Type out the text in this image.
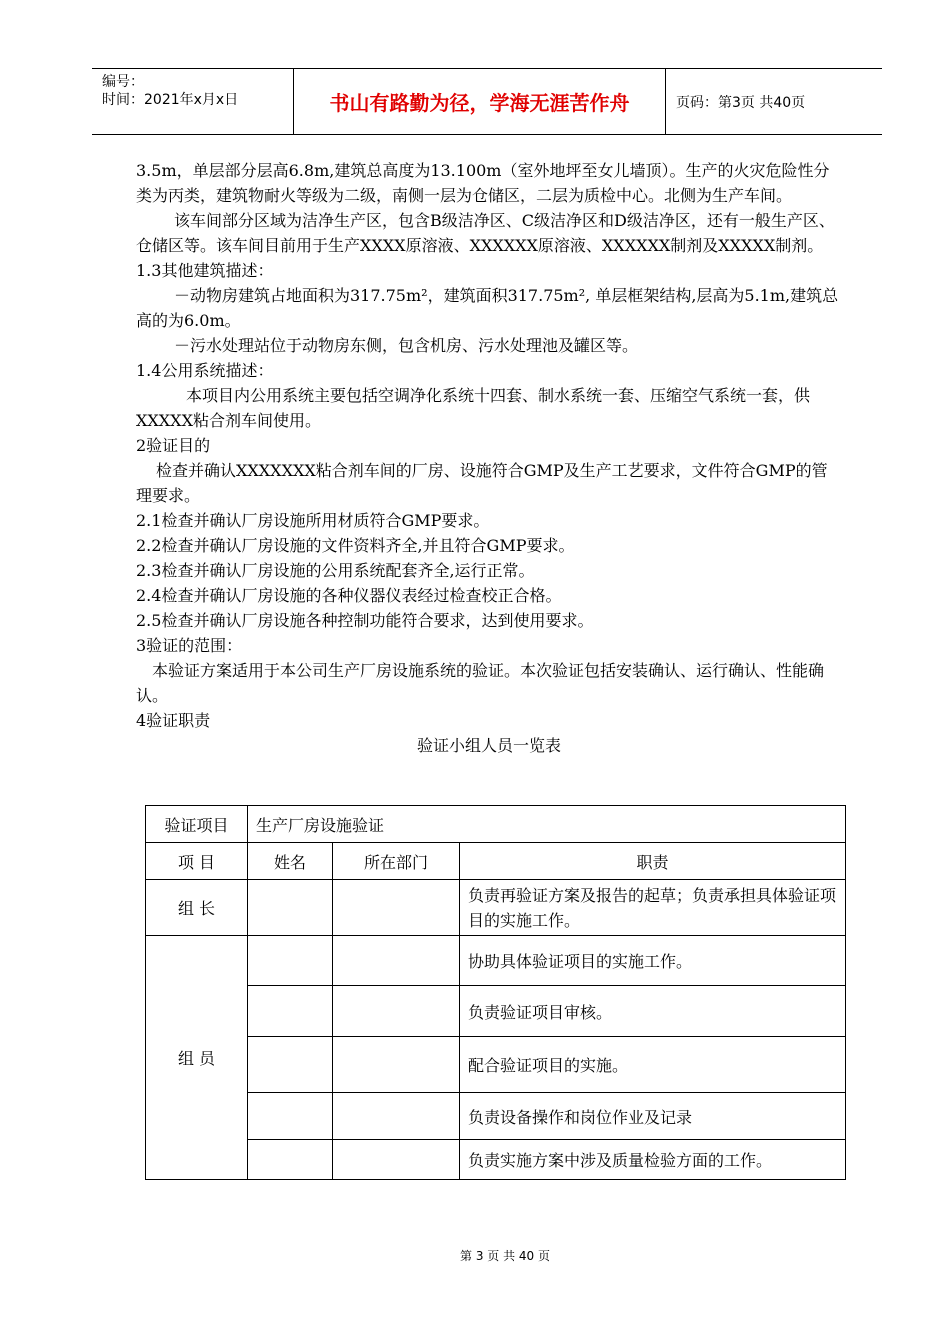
编号：
时间：2021年x月x日	书山有路勤为径，学海无涯苦作舟	页码：第3页 共40页

3.5m，单层部分层高6.8m,建筑总高度为13.100m（室外地坪至女儿墙顶）。生产的火灾危险性分类为丙类，建筑物耐火等级为二级，南侧一层为仓储区，二层为质检中心。北侧为生产车间。

该车间部分区域为洁净生产区，包含B级洁净区、C级洁净区和D级洁净区，还有一般生产区、仓储区等。该车间目前用于生产XXXX原溶液、XXXXXX原溶液、XXXXXX制剂及XXXXX制剂。

1.3其他建筑描述：

－动物房建筑占地面积为317.75m²，建筑面积317.75m², 单层框架结构,层高为5.1m,建筑总高的为6.0m。

－污水处理站位于动物房东侧，包含机房、污水处理池及罐区等。

1.4公用系统描述：

本项目内公用系统主要包括空调净化系统十四套、制水系统一套、压缩空气系统一套，供XXXXX粘合剂车间使用。

2验证目的

检查并确认XXXXXXX粘合剂车间的厂房、设施符合GMP及生产工艺要求，文件符合GMP的管理要求。

2.1检查并确认厂房设施所用材质符合GMP要求。

2.2检查并确认厂房设施的文件资料齐全,并且符合GMP要求。

2.3检查并确认厂房设施的公用系统配套齐全,运行正常。

2.4检查并确认厂房设施的各种仪器仪表经过检查校正合格。

2.5检查并确认厂房设施各种控制功能符合要求，达到使用要求。

3验证的范围：

本验证方案适用于本公司生产厂房设施系统的验证。本次验证包括安装确认、运行确认、性能确认。

4验证职责

验证小组人员一览表

验证项目	生产厂房设施验证		
项 目	姓名	所在部门	职责
组 长			负责再验证方案及报告的起草；负责承担具体验证项目的实施工作。
组 员			协助具体验证项目的实施工作。
			负责验证项目审核。
			配合验证项目的实施。
			负责设备操作和岗位作业及记录
			负责实施方案中涉及质量检验方面的工作。
第 3 页 共 40 页
